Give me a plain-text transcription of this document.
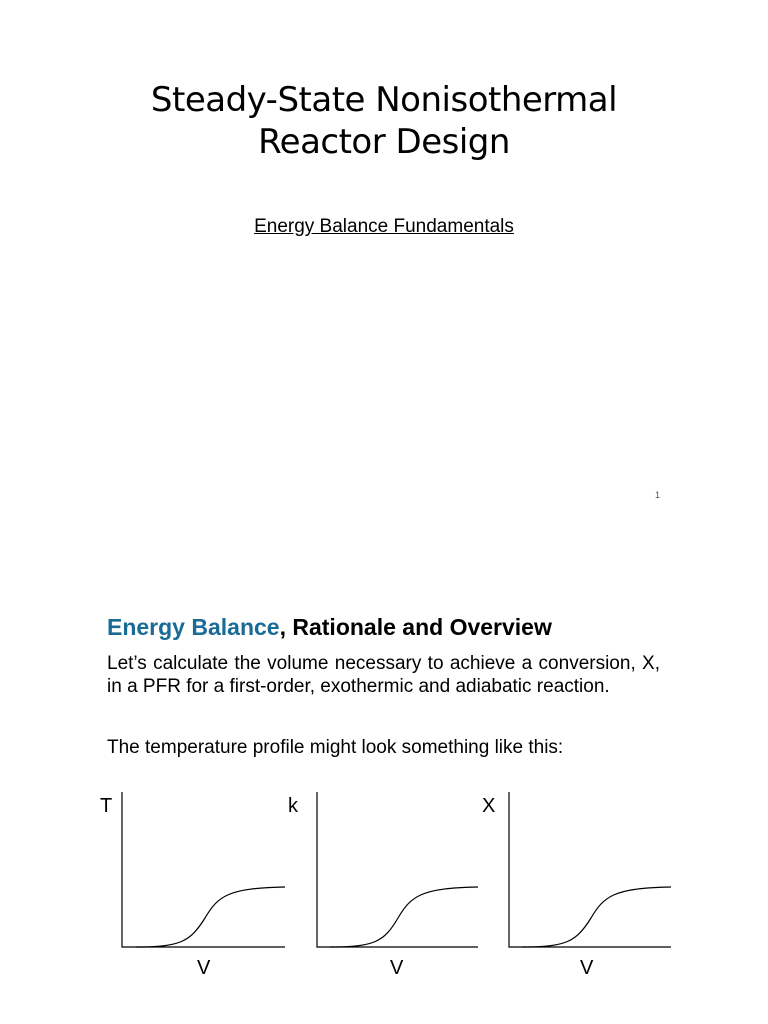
Steady-State Nonisothermal
Reactor Design
Energy Balance Fundamentals
1
Energy Balance, Rationale and Overview

Let’s calculate the volume necessary to achieve a conversion, X, in a PFR for a first-order, exothermic and adiabatic reaction.

The temperature profile might look something like this:

T
V
k
V
X
V
